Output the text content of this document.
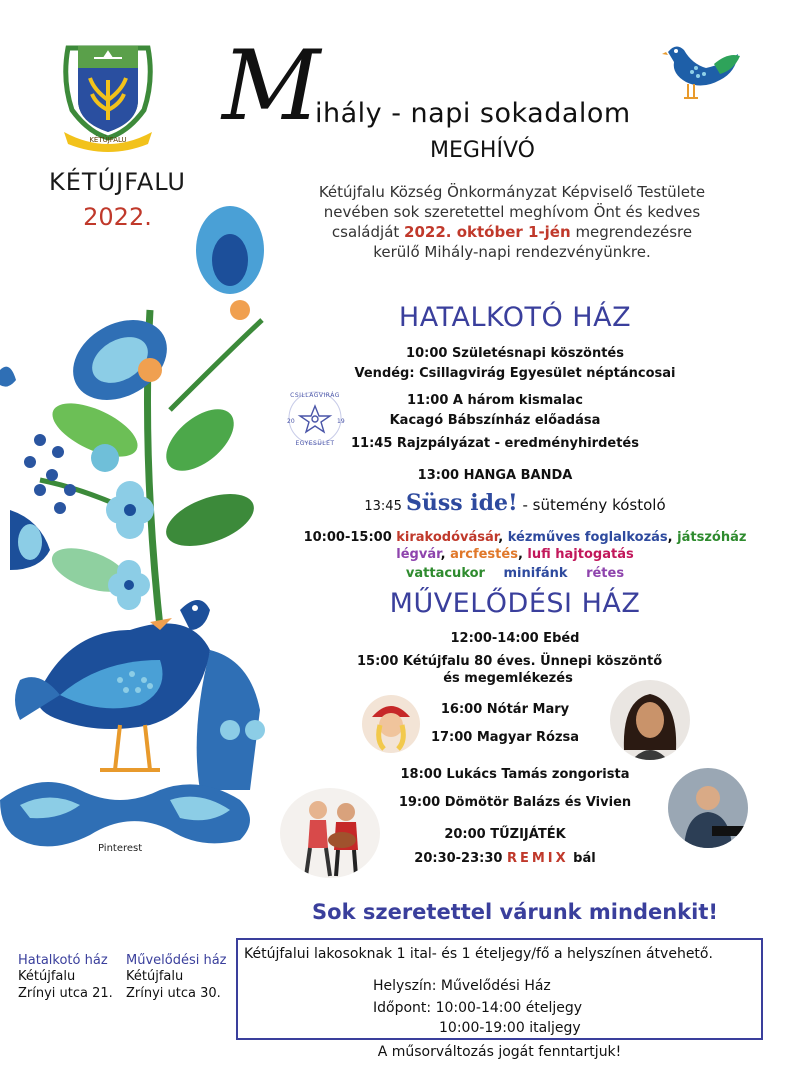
KÉTÚJFALU
Pinterest
KÉTÚJFALU
2022.
M
ihály - napi sokadalom
MEGHÍVÓ
Kétújfalu Község Önkormányzat Képviselő Testülete
nevében sok szeretettel meghívom Önt és kedves
családját 2022. október 1-jén megrendezésre
kerülő Mihály-napi rendezvényünkre.
HATALKOTÓ HÁZ
10:00 Születésnapi köszöntés
Vendég: Csillagvirág Egyesület néptáncosai
CSILLAGVIRÁG
20	19
EGYESÜLET
11:00 A három kismalac
Kacagó Bábszínház előadása
11:45 Rajzpályázat - eredményhirdetés
13:00 HANGA BANDA
13:45 Süss ide! - sütemény kóstoló
10:00-15:00 kirakodóvásár, kézműves foglalkozás, játszóház
légvár, arcfestés, lufi hajtogatás
vattacukor minifánk rétes
MŰVELŐDÉSI HÁZ
12:00-14:00 Ebéd
15:00 Kétújfalu 80 éves. Ünnepi köszöntő
és megemlékezés
16:00 Nótár Mary
17:00 Magyar Rózsa
18:00 Lukács Tamás zongorista
19:00 Dömötör Balázs és Vivien
20:00 TŰZIJÁTÉK
20:30-23:30 REMIX bál
Sok szeretettel várunk mindenkit!
Hatalkotó ház
Kétújfalu
Zrínyi utca 21.
Művelődési ház
Kétújfalu
Zrínyi utca 30.
Kétújfalui lakosoknak 1 ital- és 1 ételjegy/fő a helyszínen átvehető.
Helyszín: Művelődési Ház
Időpont: 10:00-14:00 ételjegy
10:00-19:00 italjegy
A műsorváltozás jogát fenntartjuk!
